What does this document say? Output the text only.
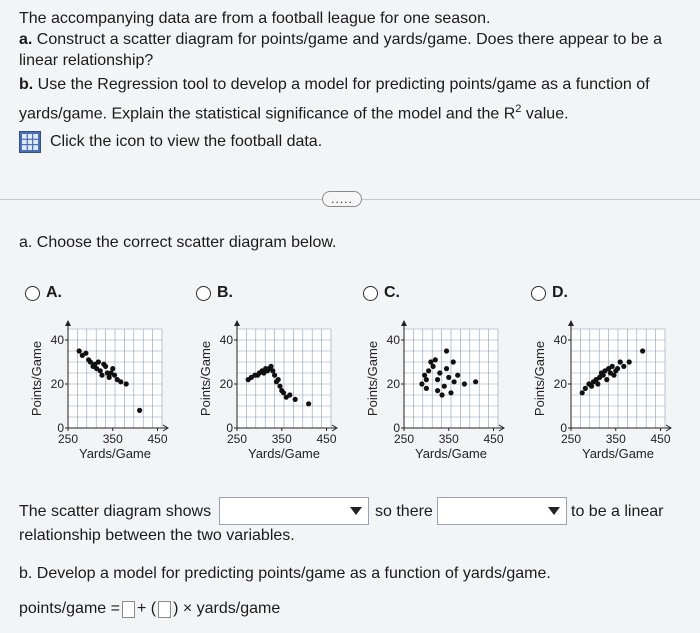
The accompanying data are from a football league for one season.
a. Construct a scatter diagram for points/game and yards/game. Does there appear to be a
linear relationship?
b. Use the Regression tool to develop a model for predicting points/game as a function of
yards/game. Explain the statistical significance of the model and the $R^2$ value.
Click the icon to view the football data.
.....
a. Choose the correct scatter diagram below.
A.	B.	C.	D.
250 350 450
0
20
40
Yards/Game
Points/Game
250 350 450
0
20
40
Yards/Game
Points/Game
250 350 450
0
20
40
Yards/Game
Points/Game
250 350 450
0
20
40
Yards/Game
Points/Game
The scatter diagram shows	so there	to be a linear
relationship between the two variables.
b. Develop a model for predicting points/game as a function of yards/game.
points/game = + ( ) × yards/game
